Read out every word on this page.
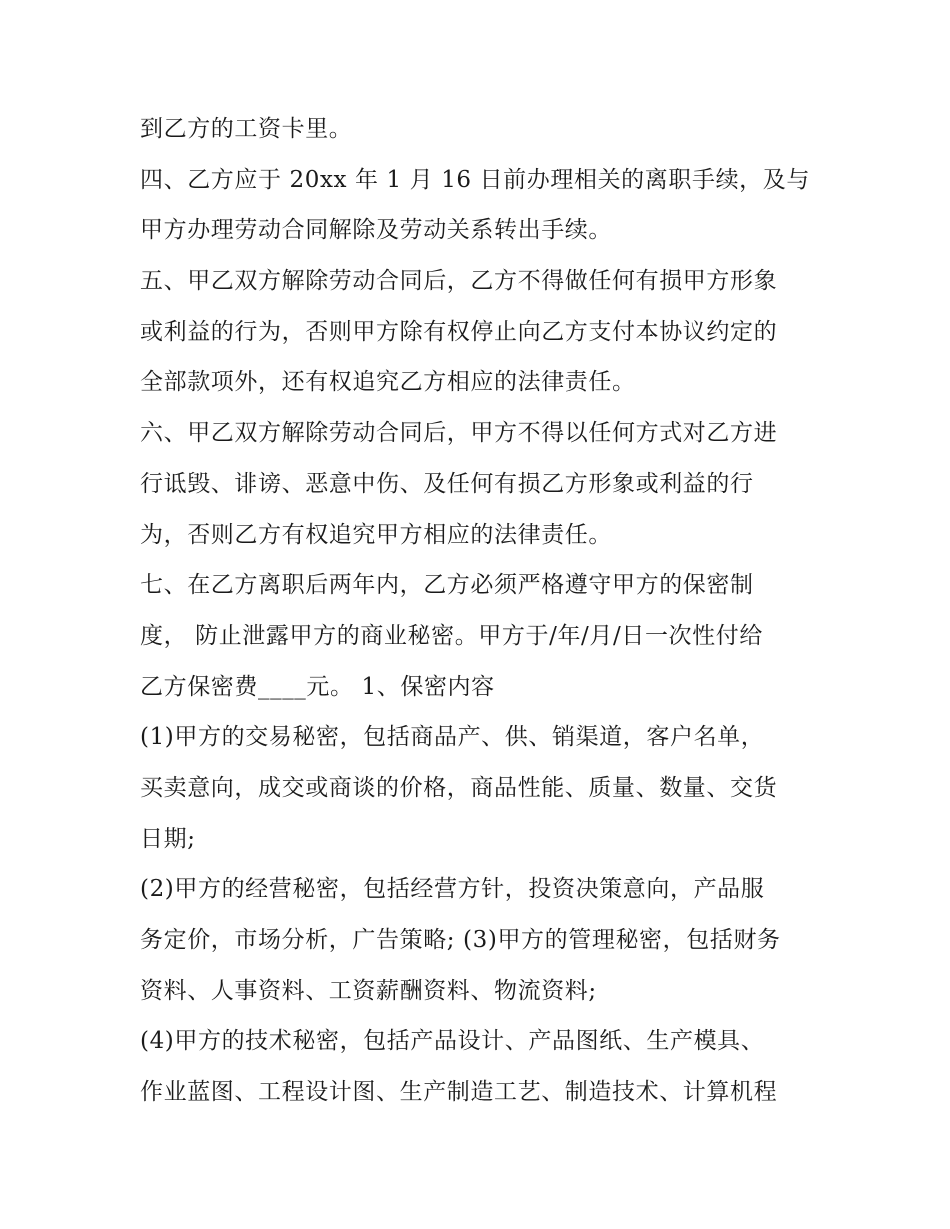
到乙方的工资卡里。
四、乙方应于 20xx 年 1 月 16 日前办理相关的离职手续，及与
甲方办理劳动合同解除及劳动关系转出手续。
五、甲乙双方解除劳动合同后，乙方不得做任何有损甲方形象
或利益的行为，否则甲方除有权停止向乙方支付本协议约定的
全部款项外，还有权追究乙方相应的法律责任。
六、甲乙双方解除劳动合同后，甲方不得以任何方式对乙方进
行诋毁、诽谤、恶意中伤、及任何有损乙方形象或利益的行
为，否则乙方有权追究甲方相应的法律责任。
七、在乙方离职后两年内，乙方必须严格遵守甲方的保密制
度， 防止泄露甲方的商业秘密。甲方于/年/月/日一次性付给
乙方保密费____元。 1、保密内容
(1)甲方的交易秘密，包括商品产、供、销渠道，客户名单，
买卖意向，成交或商谈的价格，商品性能、质量、数量、交货
日期;
(2)甲方的经营秘密，包括经营方针，投资决策意向，产品服
务定价，市场分析，广告策略; (3)甲方的管理秘密，包括财务
资料、人事资料、工资薪酬资料、物流资料;
(4)甲方的技术秘密，包括产品设计、产品图纸、生产模具、
作业蓝图、工程设计图、生产制造工艺、制造技术、计算机程
